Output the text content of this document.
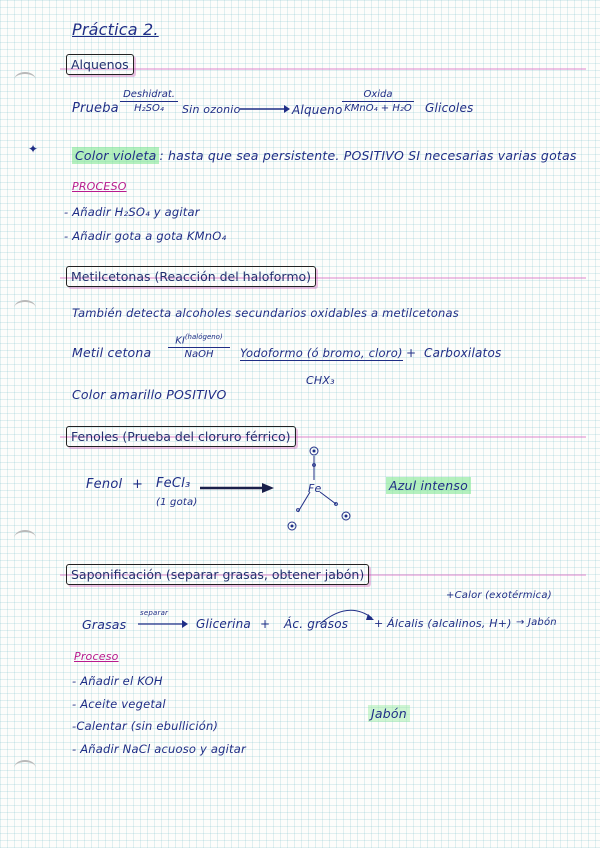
Práctica 2.
Alquenos
Prueba
Deshidrat.
H₂SO₄	Sin ozonio	Alqueno
Oxida
KMnO₄ + H₂O Glicoles
✦	Color violeta : hasta que sea persistente. POSITIVO SI necesarias varias gotas
PROCESO
- Añadir H₂SO₄ y agitar
- Añadir gota a gota KMnO₄
Metilcetonas (Reacción del haloformo)
También detecta alcoholes secundarios oxidables a metilcetonas
Metil cetona
$KI^{(halógeno)}$
NaOH	Yodoformo (ó bromo, cloro) + Carboxilatos
CHX₃
Color amarillo POSITIVO
Fenoles (Prueba del cloruro férrico)
Fenol + FeCl₃
(1 gota)
Fe	Azul intenso
Saponificación (separar grasas, obtener jabón)
+Calor (exotérmica)
Grasas
separar
Glicerina + Ác. grasos + Álcalis (alcalinos, H+) → Jabón
Proceso
- Añadir el KOH
- Aceite vegetal
-Calentar (sin ebullición)
- Añadir NaCl acuoso y agitar
Jabón
